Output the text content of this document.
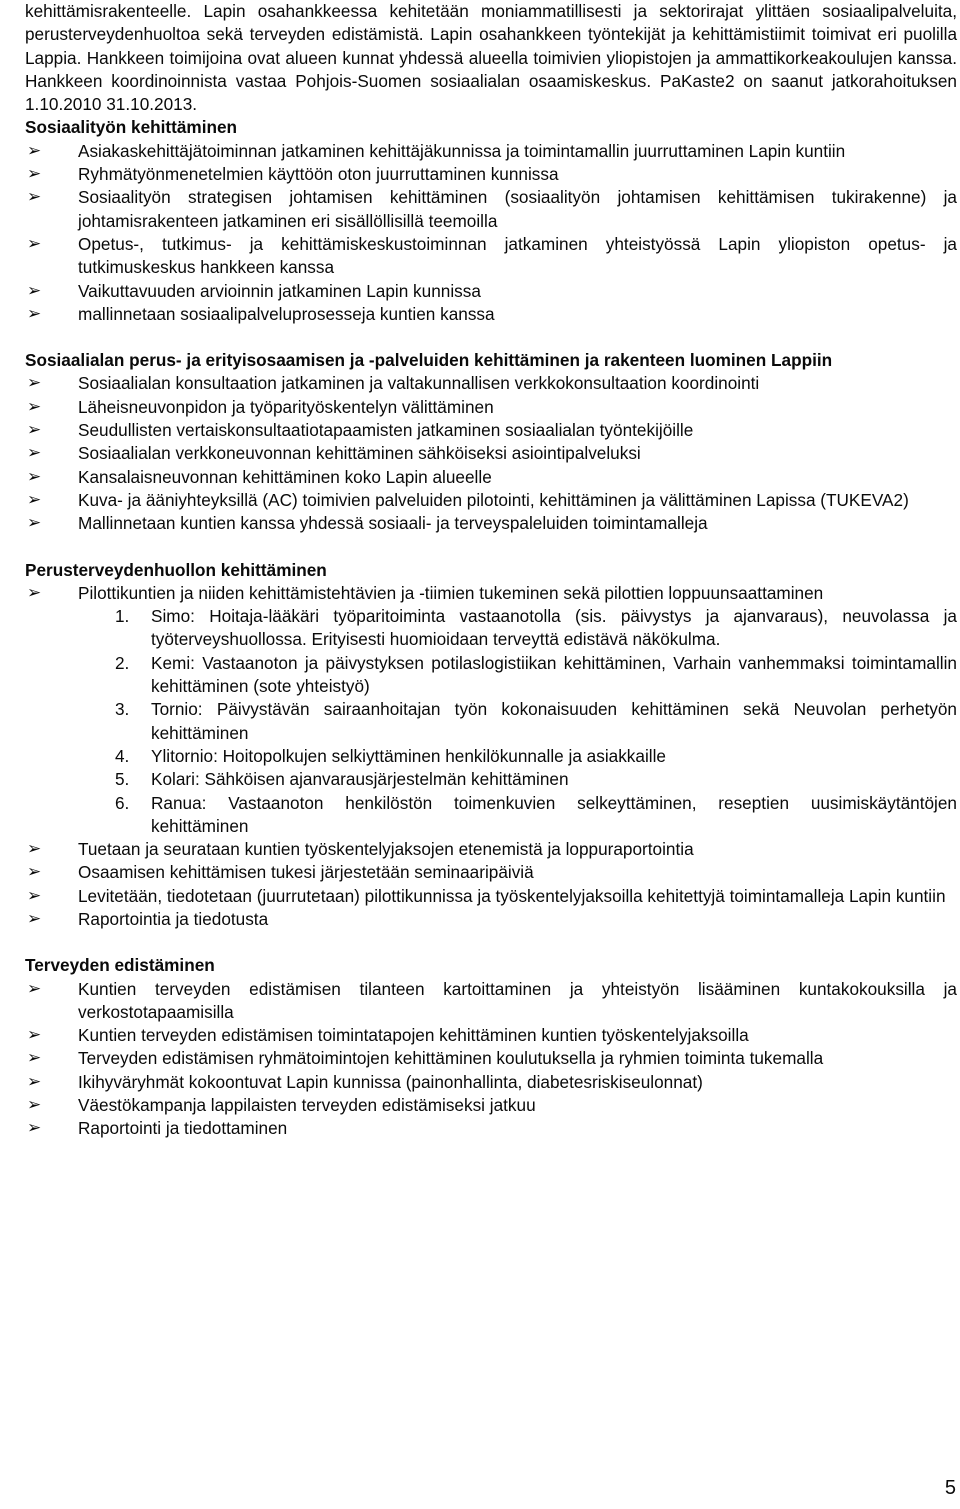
kehittämisrakenteelle. Lapin osahankkeessa kehitetään moniammatillisesti ja sektorirajat ylittäen sosiaalipalveluita, perusterveydenhuoltoa sekä terveyden edistämistä. Lapin osahankkeen työntekijät ja kehittämistiimit toimivat eri puolilla Lappia. Hankkeen toimijoina ovat alueen kunnat yhdessä alueella toimivien yliopistojen ja ammattikorkeakoulujen kanssa. Hankkeen koordinoinnista vastaa Pohjois-Suomen sosiaalialan osaamiskeskus. PaKaste2 on saanut jatkorahoituksen 1.10.2010 31.10.2013.

Sosiaalityön kehittäminen
➢ Asiakaskehittäjätoiminnan jatkaminen kehittäjäkunnissa ja toimintamallin juurruttaminen Lapin kuntiin
➢ Ryhmätyönmenetelmien käyttöön oton juurruttaminen kunnissa
➢ Sosiaalityön strategisen johtamisen kehittäminen (sosiaalityön johtamisen kehittämisen tukirakenne) ja johtamisrakenteen jatkaminen eri sisällöllisillä teemoilla
➢ Opetus-, tutkimus- ja kehittämiskeskustoiminnan jatkaminen yhteistyössä Lapin yliopiston opetus- ja tutkimuskeskus hankkeen kanssa
➢ Vaikuttavuuden arvioinnin jatkaminen Lapin kunnissa
➢ mallinnetaan sosiaalipalveluprosesseja kuntien kanssa
Sosiaalialan perus- ja erityisosaamisen ja -palveluiden kehittäminen ja rakenteen luominen Lappiin
➢ Sosiaalialan konsultaation jatkaminen ja valtakunnallisen verkkokonsultaation koordinointi
➢ Läheisneuvonpidon ja työparityöskentelyn välittäminen
➢ Seudullisten vertaiskonsultaatiotapaamisten jatkaminen sosiaalialan työntekijöille
➢ Sosiaalialan verkkoneuvonnan kehittäminen sähköiseksi asiointipalveluksi
➢ Kansalaisneuvonnan kehittäminen koko Lapin alueelle
➢ Kuva- ja ääniyhteyksillä (AC) toimivien palveluiden pilotointi, kehittäminen ja välittäminen Lapissa (TUKEVA2)
➢ Mallinnetaan kuntien kanssa yhdessä sosiaali- ja terveyspaleluiden toimintamalleja
Perusterveydenhuollon kehittäminen
➢ Pilottikuntien ja niiden kehittämistehtävien ja -tiimien tukeminen sekä pilottien loppuunsaattaminen
1. Simo: Hoitaja-lääkäri työparitoiminta vastaanotolla (sis. päivystys ja ajanvaraus), neuvolassa ja työterveyshuollossa. Erityisesti huomioidaan terveyttä edistävä näkökulma.
2. Kemi: Vastaanoton ja päivystyksen potilaslogistiikan kehittäminen, Varhain vanhemmaksi toimintamallin kehittäminen (sote yhteistyö)
3. Tornio: Päivystävän sairaanhoitajan työn kokonaisuuden kehittäminen sekä Neuvolan perhetyön kehittäminen
4. Ylitornio: Hoitopolkujen selkiyttäminen henkilökunnalle ja asiakkaille
5. Kolari: Sähköisen ajanvarausjärjestelmän kehittäminen
6. Ranua: Vastaanoton henkilöstön toimenkuvien selkeyttäminen, reseptien uusimiskäytäntöjen kehittäminen
➢ Tuetaan ja seurataan kuntien työskentelyjaksojen etenemistä ja loppuraportointia
➢ Osaamisen kehittämisen tukesi järjestetään seminaaripäiviä
➢ Levitetään, tiedotetaan (juurrutetaan) pilottikunnissa ja työskentelyjaksoilla kehitettyjä toimintamalleja Lapin kuntiin
➢ Raportointia ja tiedotusta
Terveyden edistäminen
➢ Kuntien terveyden edistämisen tilanteen kartoittaminen ja yhteistyön lisääminen kuntakokouksilla ja verkostotapaamisilla
➢ Kuntien terveyden edistämisen toimintatapojen kehittäminen kuntien työskentelyjaksoilla
➢ Terveyden edistämisen ryhmätoimintojen kehittäminen koulutuksella ja ryhmien toiminta tukemalla
➢ Ikihyväryhmät kokoontuvat Lapin kunnissa (painonhallinta, diabetesriskiseulonnat)
➢ Väestökampanja lappilaisten terveyden edistämiseksi jatkuu
➢ Raportointi ja tiedottaminen
5
